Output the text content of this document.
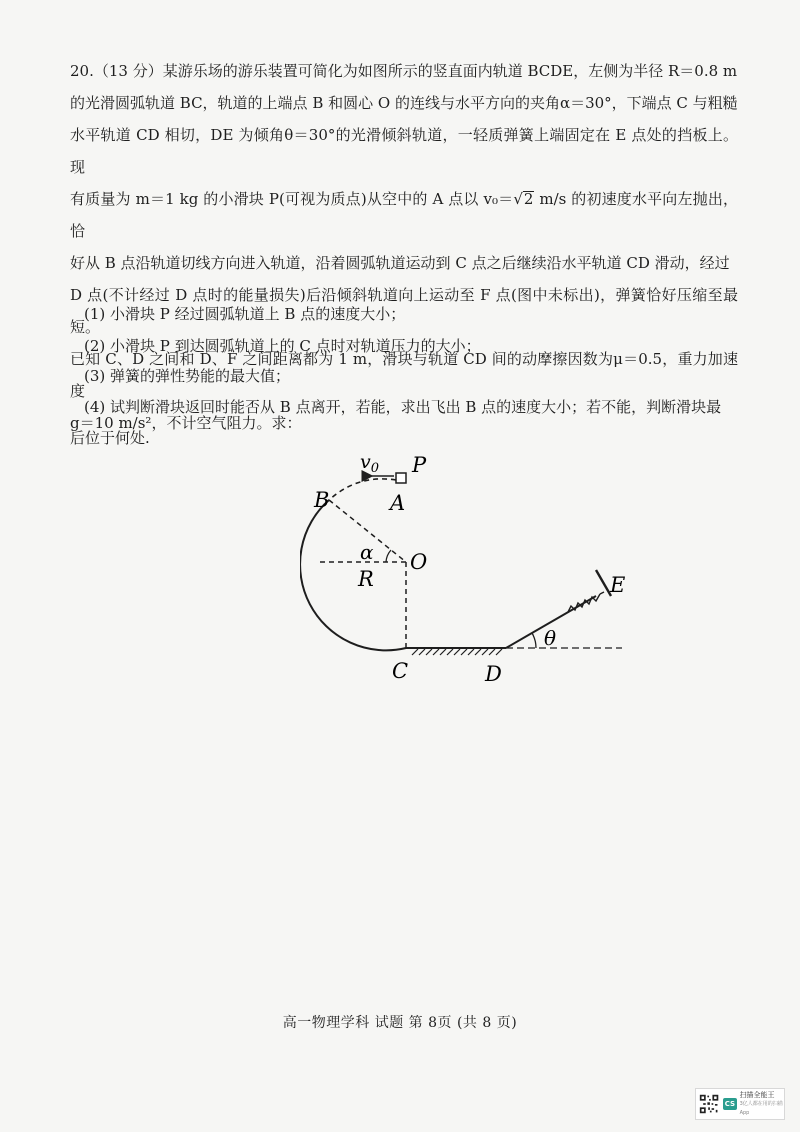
20.（13 分）某游乐场的游乐装置可简化为如图所示的竖直面内轨道 BCDE，左侧为半径 R＝0.8 m

的光滑圆弧轨道 BC，轨道的上端点 B 和圆心 O 的连线与水平方向的夹角α＝30°，下端点 C 与粗糙

水平轨道 CD 相切，DE 为倾角θ＝30°的光滑倾斜轨道，一轻质弹簧上端固定在 E 点处的挡板上。现

有质量为 m＝1 kg 的小滑块 P(可视为质点)从空中的 A 点以 v₀＝√2 m/s 的初速度水平向左抛出，恰

好从 B 点沿轨道切线方向进入轨道，沿着圆弧轨道运动到 C 点之后继续沿水平轨道 CD 滑动，经过

D 点(不计经过 D 点时的能量损失)后沿倾斜轨道向上运动至 F 点(图中未标出)，弹簧恰好压缩至最短。

已知 C、D 之间和 D、F 之间距离都为 1 m，滑块与轨道 CD 间的动摩擦因数为μ＝0.5，重力加速度

g＝10 m/s²，不计空气阻力。求：

(1) 小滑块 P 经过圆弧轨道上 B 点的速度大小；
(2) 小滑块 P 到达圆弧轨道上的 C 点时对轨道压力的大小；
(3) 弹簧的弹性势能的最大值；
(4) 试判断滑块返回时能否从 B 点离开，若能，求出飞出 B 点的速度大小；若不能，判断滑块最
后位于何处.
$v_0$ P
A
B
O
α
R
C	D
E
θ
高一物理学科 试题 第 8页 (共 8 页)
CS
扫描全能王
3亿人都在用的扫描App
